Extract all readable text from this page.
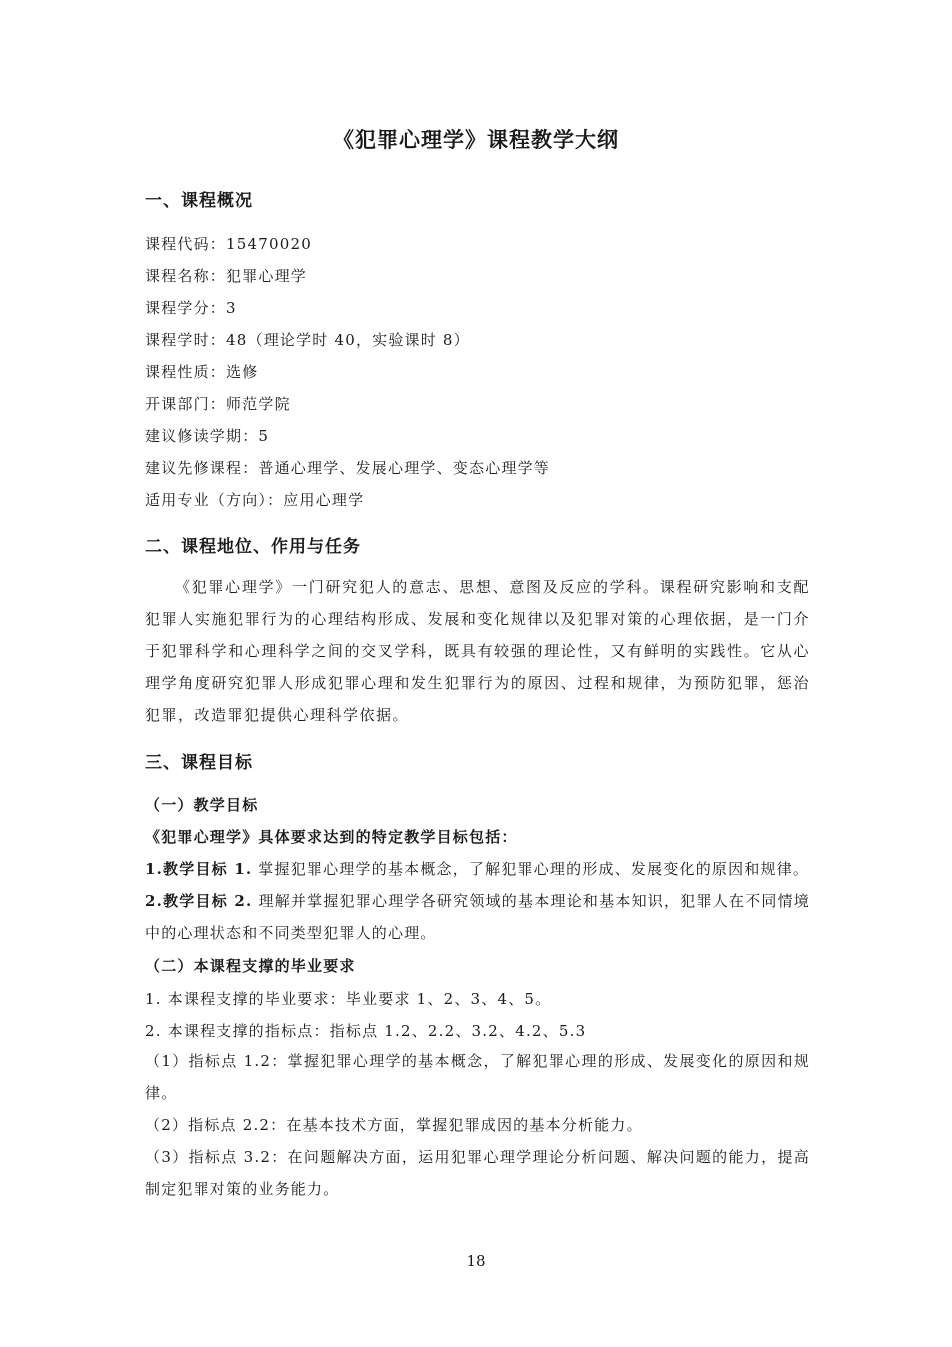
《犯罪心理学》课程教学大纲
一、课程概况
课程代码：15470020
课程名称：犯罪心理学
课程学分：3
课程学时：48（理论学时 40，实验课时 8）
课程性质：选修
开课部门：师范学院
建议修读学期：5
建议先修课程：普通心理学、发展心理学、变态心理学等
适用专业（方向）：应用心理学
二、课程地位、作用与任务
《犯罪心理学》一门研究犯人的意志、思想、意图及反应的学科。课程研究影响和支配犯罪人实施犯罪行为的心理结构形成、发展和变化规律以及犯罪对策的心理依据，是一门介于犯罪科学和心理科学之间的交叉学科，既具有较强的理论性，又有鲜明的实践性。它从心理学角度研究犯罪人形成犯罪心理和发生犯罪行为的原因、过程和规律，为预防犯罪，惩治犯罪，改造罪犯提供心理科学依据。
三、课程目标
（一）教学目标
《犯罪心理学》具体要求达到的特定教学目标包括：
1.教学目标 1. 掌握犯罪心理学的基本概念，了解犯罪心理的形成、发展变化的原因和规律。
2.教学目标 2. 理解并掌握犯罪心理学各研究领域的基本理论和基本知识，犯罪人在不同情境中的心理状态和不同类型犯罪人的心理。
（二）本课程支撑的毕业要求
1. 本课程支撑的毕业要求：毕业要求 1、2、3、4、5。
2. 本课程支撑的指标点：指标点 1.2、2.2、3.2、4.2、5.3
（1）指标点 1.2：掌握犯罪心理学的基本概念，了解犯罪心理的形成、发展变化的原因和规律。
（2）指标点 2.2：在基本技术方面，掌握犯罪成因的基本分析能力。
（3）指标点 3.2：在问题解决方面，运用犯罪心理学理论分析问题、解决问题的能力，提高制定犯罪对策的业务能力。
18
